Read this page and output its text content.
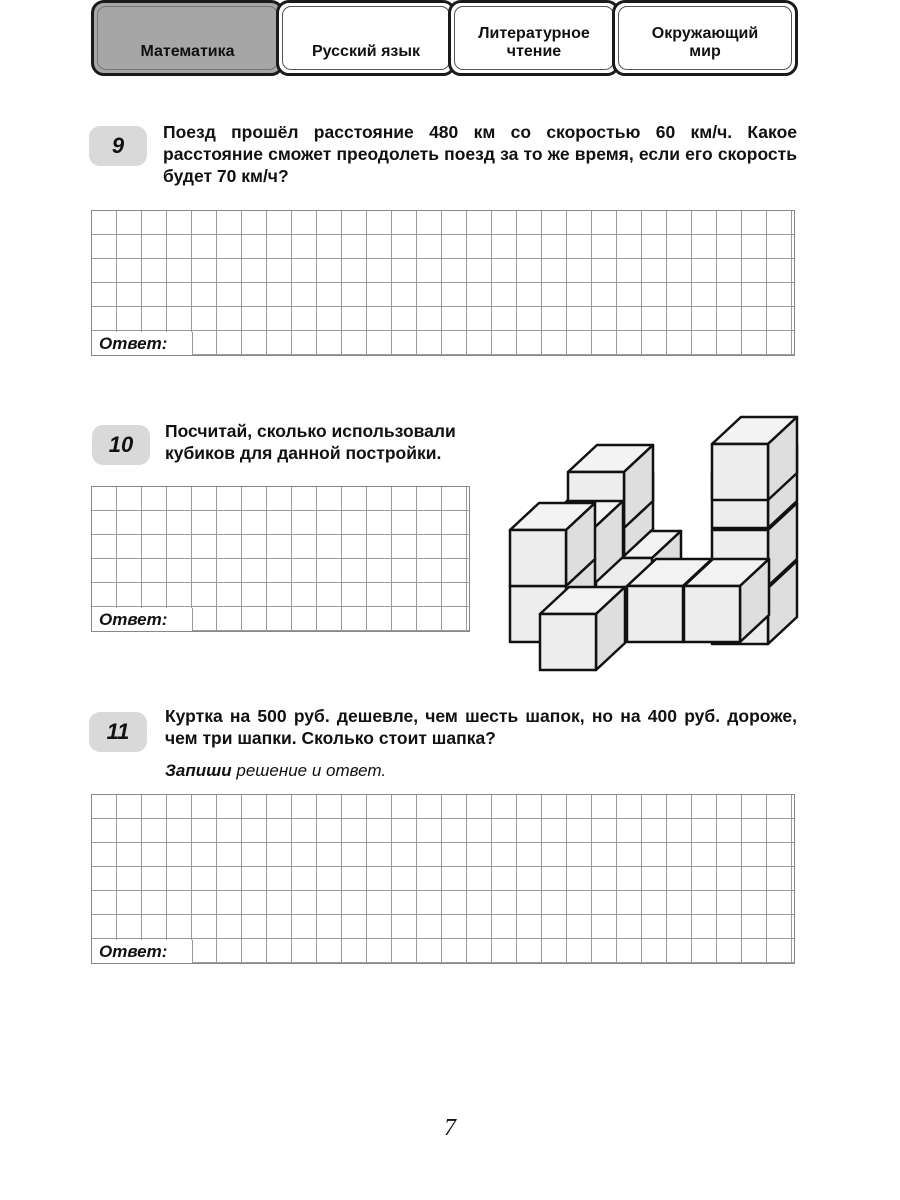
Математика	Русский язык
Литературное чтение
Окружающий мир
9
Поезд прошёл расстояние 480 км со скоростью 60 км/ч. Какое расстояние сможет преодолеть поезд за то же время, если его скорость будет 70 км/ч?
Ответ:
10
Посчитай, сколько использовали кубиков для данной постройки.
Ответ:
11
Куртка на 500 руб. дешевле, чем шесть шапок, но на 400 руб. дороже, чем три шапки. Сколько стоит шапка?
Запиши решение и ответ.
Ответ:
7
